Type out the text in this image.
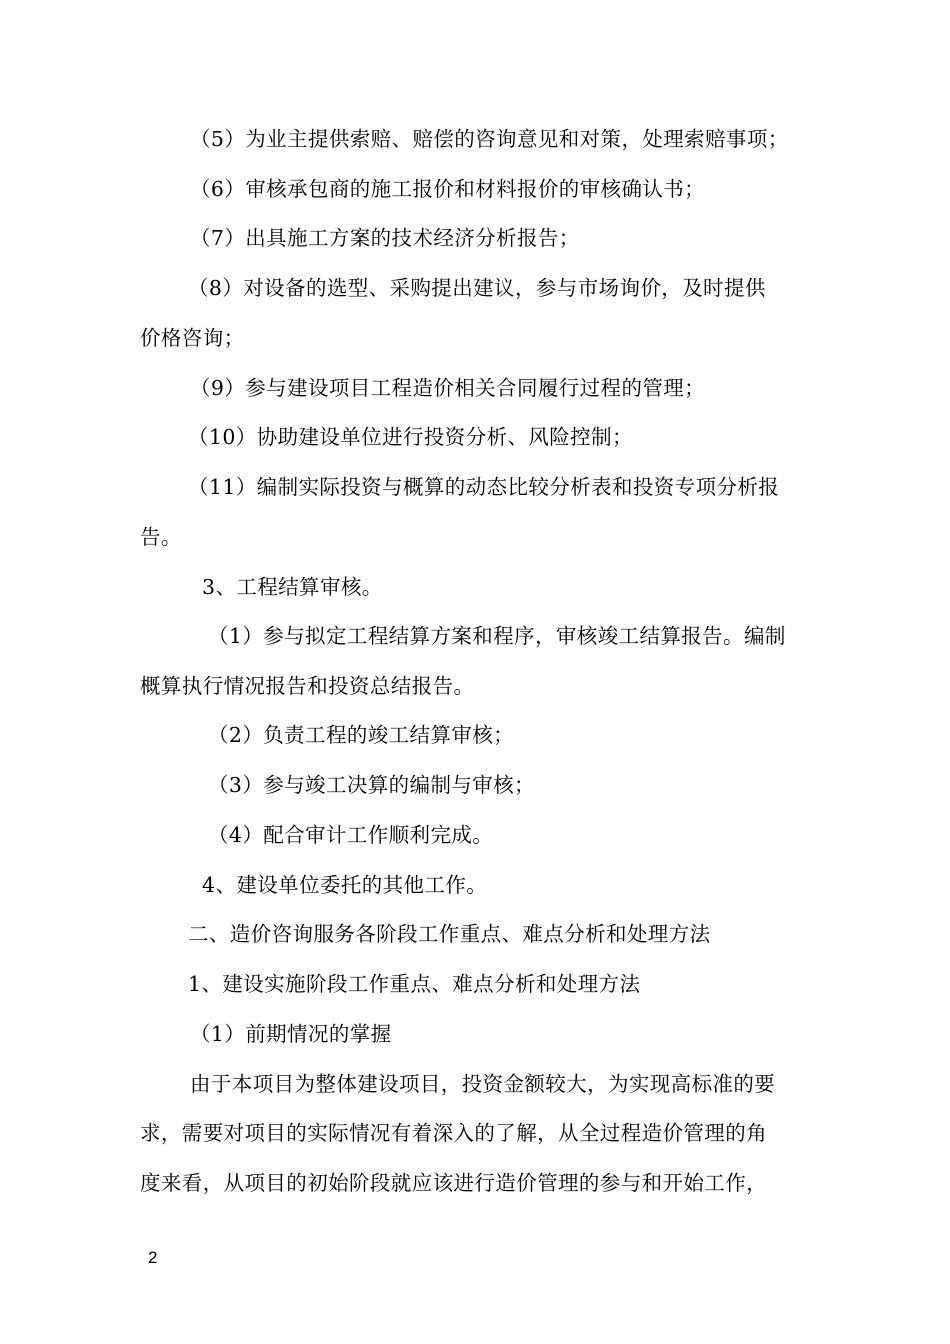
（5）为业主提供索赔、赔偿的咨询意见和对策，处理索赔事项；
（6）审核承包商的施工报价和材料报价的审核确认书；
（7）出具施工方案的技术经济分析报告；
（8）对设备的选型、采购提出建议，参与市场询价，及时提供
价格咨询；
（9）参与建设项目工程造价相关合同履行过程的管理；
（10）协助建设单位进行投资分析、风险控制；
（11）编制实际投资与概算的动态比较分析表和投资专项分析报
告。
3、工程结算审核。
（1）参与拟定工程结算方案和程序，审核竣工结算报告。编制
概算执行情况报告和投资总结报告。
（2）负责工程的竣工结算审核；
（3）参与竣工决算的编制与审核；
（4）配合审计工作顺利完成。
4、建设单位委托的其他工作。
二、造价咨询服务各阶段工作重点、难点分析和处理方法
1、建设实施阶段工作重点、难点分析和处理方法
（1）前期情况的掌握
由于本项目为整体建设项目，投资金额较大，为实现高标准的要
求，需要对项目的实际情况有着深入的了解，从全过程造价管理的角
度来看，从项目的初始阶段就应该进行造价管理的参与和开始工作，
2
